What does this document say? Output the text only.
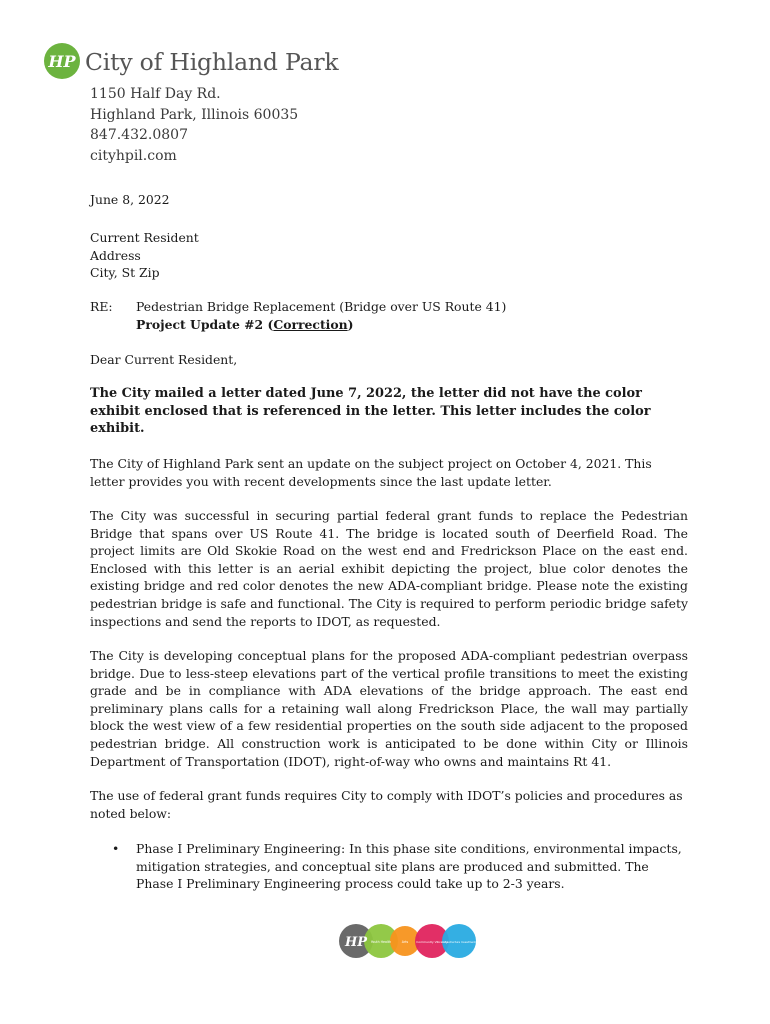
HP City of Highland Park
1150 Half Day Rd.
Highland Park, Illinois 60035
847.432.0807
cityhpil.com

June 8, 2022

Current Resident
Address
City, St Zip
RE: Pedestrian Bridge Replacement (Bridge over US Route 41)
Project Update #2 (Correction)

Dear Current Resident,

The City mailed a letter dated June 7, 2022, the letter did not have the color exhibit enclosed that is referenced in the letter. This letter includes the color exhibit.

The City of Highland Park sent an update on the subject project on October 4, 2021. This letter provides you with recent developments since the last update letter.

The City was successful in securing partial federal grant funds to replace the Pedestrian Bridge that spans over US Route 41. The bridge is located south of Deerfield Road. The project limits are Old Skokie Road on the west end and Fredrickson Place on the east end. Enclosed with this letter is an aerial exhibit depicting the project, blue color denotes the existing bridge and red color denotes the new ADA-compliant bridge. Please note the existing pedestrian bridge is safe and functional. The City is required to perform periodic bridge safety inspections and send the reports to IDOT, as requested.

The City is developing conceptual plans for the proposed ADA-compliant pedestrian overpass bridge. Due to less-steep elevations part of the vertical profile transitions to meet the existing grade and be in compliance with ADA elevations of the bridge approach. The east end preliminary plans calls for a retaining wall along Fredrickson Place, the wall may partially block the west view of a few residential properties on the south side adjacent to the proposed pedestrian bridge. All construction work is anticipated to be done within City or Illinois Department of Transportation (IDOT), right-of-way who owns and maintains Rt 41.

The use of federal grant funds requires City to comply with IDOT’s policies and procedures as noted below:

• Phase I Preliminary Engineering: In this phase site conditions, environmental impacts, mitigation strategies, and conceptual site plans are produced and submitted. The Phase I Preliminary Engineering process could take up to 2-3 years.

HP	Youth Health	Arts	Community Vibrancy
Infrastructure Investment
